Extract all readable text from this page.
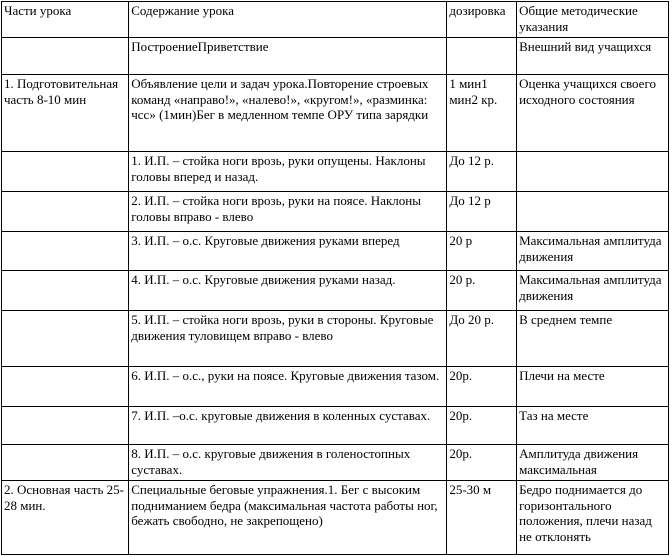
Части урока	Содержание урока	дозировка	Общие методические указания
	ПостроениеПриветствие		Внешний вид учащихся
1. Подготовительная часть 8-10 мин	Объявление цели и задач урока.Повторение строевых команд «направо!», «налево!», «кругом!», «разминка: чсс» (1мин)Бег в медленном темпе ОРУ типа зарядки	1 мин1 мин2 кр.	Оценка учащихся своего исходного состояния
	1. И.П. – стойка ноги врозь, руки опущены. Наклоны головы вперед и назад.	До 12 р.	
	2. И.П. – стойка ноги врозь, руки на поясе. Наклоны головы вправо - влево	До 12 р	
	3. И.П. – о.с. Круговые движения руками вперед	20 р	Максимальная амплитуда движения
	4. И.П. – о.с. Круговые движения руками назад.	20 р.	Максимальная амплитуда движения
	5. И.П. – стойка ноги врозь, руки в стороны. Круговые движения туловищем вправо - влево	До 20 р.	В среднем темпе
	6. И.П. – о.с., руки на поясе. Круговые движения тазом.	20р.	Плечи на месте
	7. И.П. –о.с. круговые движения в коленных суставах.	20р.	Таз на месте
	8. И.П. – о.с. круговые движения в голеностопных суставах.	20р.	Амплитуда движения максимальная
2. Основная часть 25-28 мин.	Специальные беговые упражнения.1. Бег с высоким подниманием бедра (максимальная частота работы ног, бежать свободно, не закрепощено)	25-30 м	Бедро поднимается до горизонтального положения, плечи назад не отклонять
